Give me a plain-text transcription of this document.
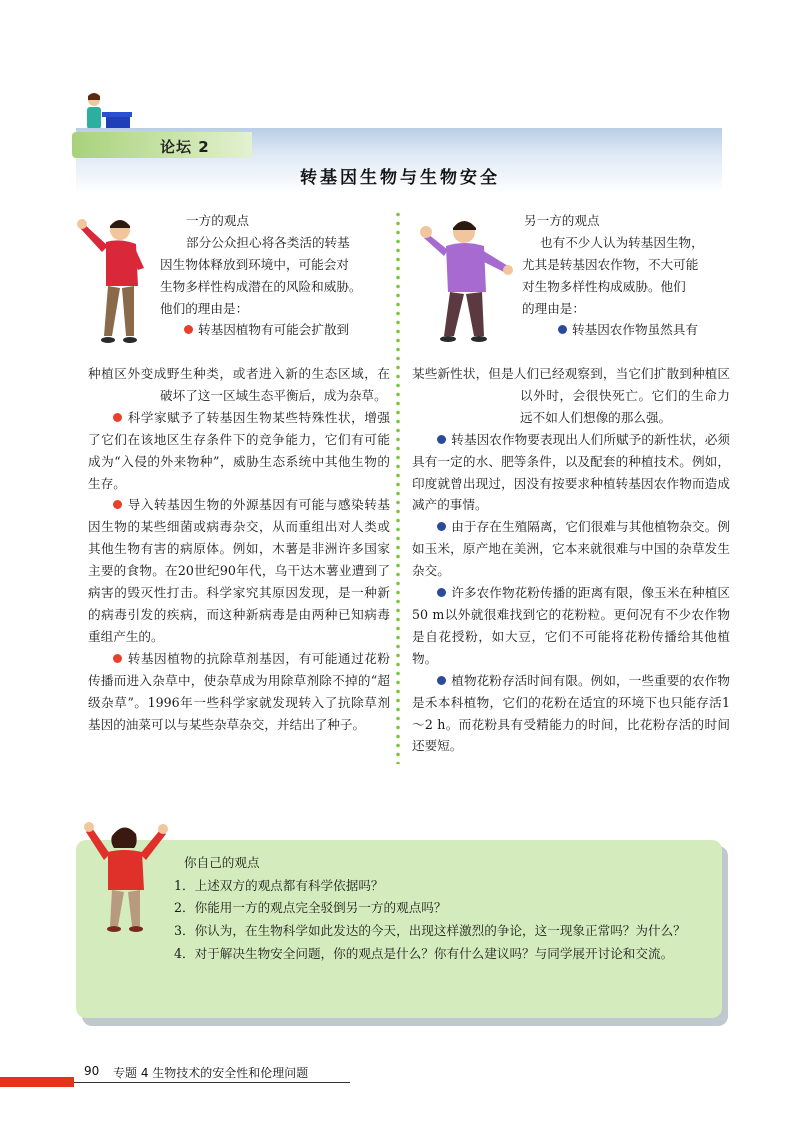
论坛 2
转基因生物与生物安全

一方的观点

部分公众担心将各类活的转基

因生物体释放到环境中，可能会对

生物多样性构成潜在的风险和威胁。

他们的理由是：

转基因植物有可能会扩散到

种植区外变成野生种类，或者进入新的生态区域，在破坏了这一区域生态平衡后，成为杂草。

科学家赋予了转基因生物某些特殊性状，增强了它们在该地区生存条件下的竞争能力，它们有可能成为“入侵的外来物种”，威胁生态系统中其他生物的生存。

导入转基因生物的外源基因有可能与感染转基因生物的某些细菌或病毒杂交，从而重组出对人类或其他生物有害的病原体。例如，木薯是非洲许多国家主要的食物。在20世纪90年代，乌干达木薯业遭到了病害的毁灭性打击。科学家究其原因发现，是一种新的病毒引发的疾病，而这种新病毒是由两种已知病毒重组产生的。

转基因植物的抗除草剂基因，有可能通过花粉传播而进入杂草中，使杂草成为用除草剂除不掉的“超级杂草”。1996年一些科学家就发现转入了抗除草剂基因的油菜可以与某些杂草杂交，并结出了种子。

另一方的观点

也有不少人认为转基因生物，

尤其是转基因农作物，不大可能

对生物多样性构成威胁。他们

的理由是：

转基因农作物虽然具有

某些新性状，但是人们已经观察到，当它们扩散到种植区以外时，会很快死亡。它们的生命力远不如人们想像的那么强。

转基因农作物要表现出人们所赋予的新性状，必须具有一定的水、肥等条件，以及配套的种植技术。例如，印度就曾出现过，因没有按要求种植转基因农作物而造成减产的事情。

由于存在生殖隔离，它们很难与其他植物杂交。例如玉米，原产地在美洲，它本来就很难与中国的杂草发生杂交。

许多农作物花粉传播的距离有限，像玉米在种植区50 m以外就很难找到它的花粉粒。更何况有不少农作物是自花授粉，如大豆，它们不可能将花粉传播给其他植物。

植物花粉存活时间有限。例如，一些重要的农作物是禾本科植物，它们的花粉在适宜的环境下也只能存活1～2 h。而花粉具有受精能力的时间，比花粉存活的时间还要短。

你自己的观点

1．上述双方的观点都有科学依据吗？

2．你能用一方的观点完全驳倒另一方的观点吗？

3．你认为，在生物科学如此发达的今天，出现这样激烈的争论，这一现象正常吗？为什么？

4．对于解决生物安全问题，你的观点是什么？你有什么建议吗？与同学展开讨论和交流。

90 专题 4 生物技术的安全性和伦理问题
